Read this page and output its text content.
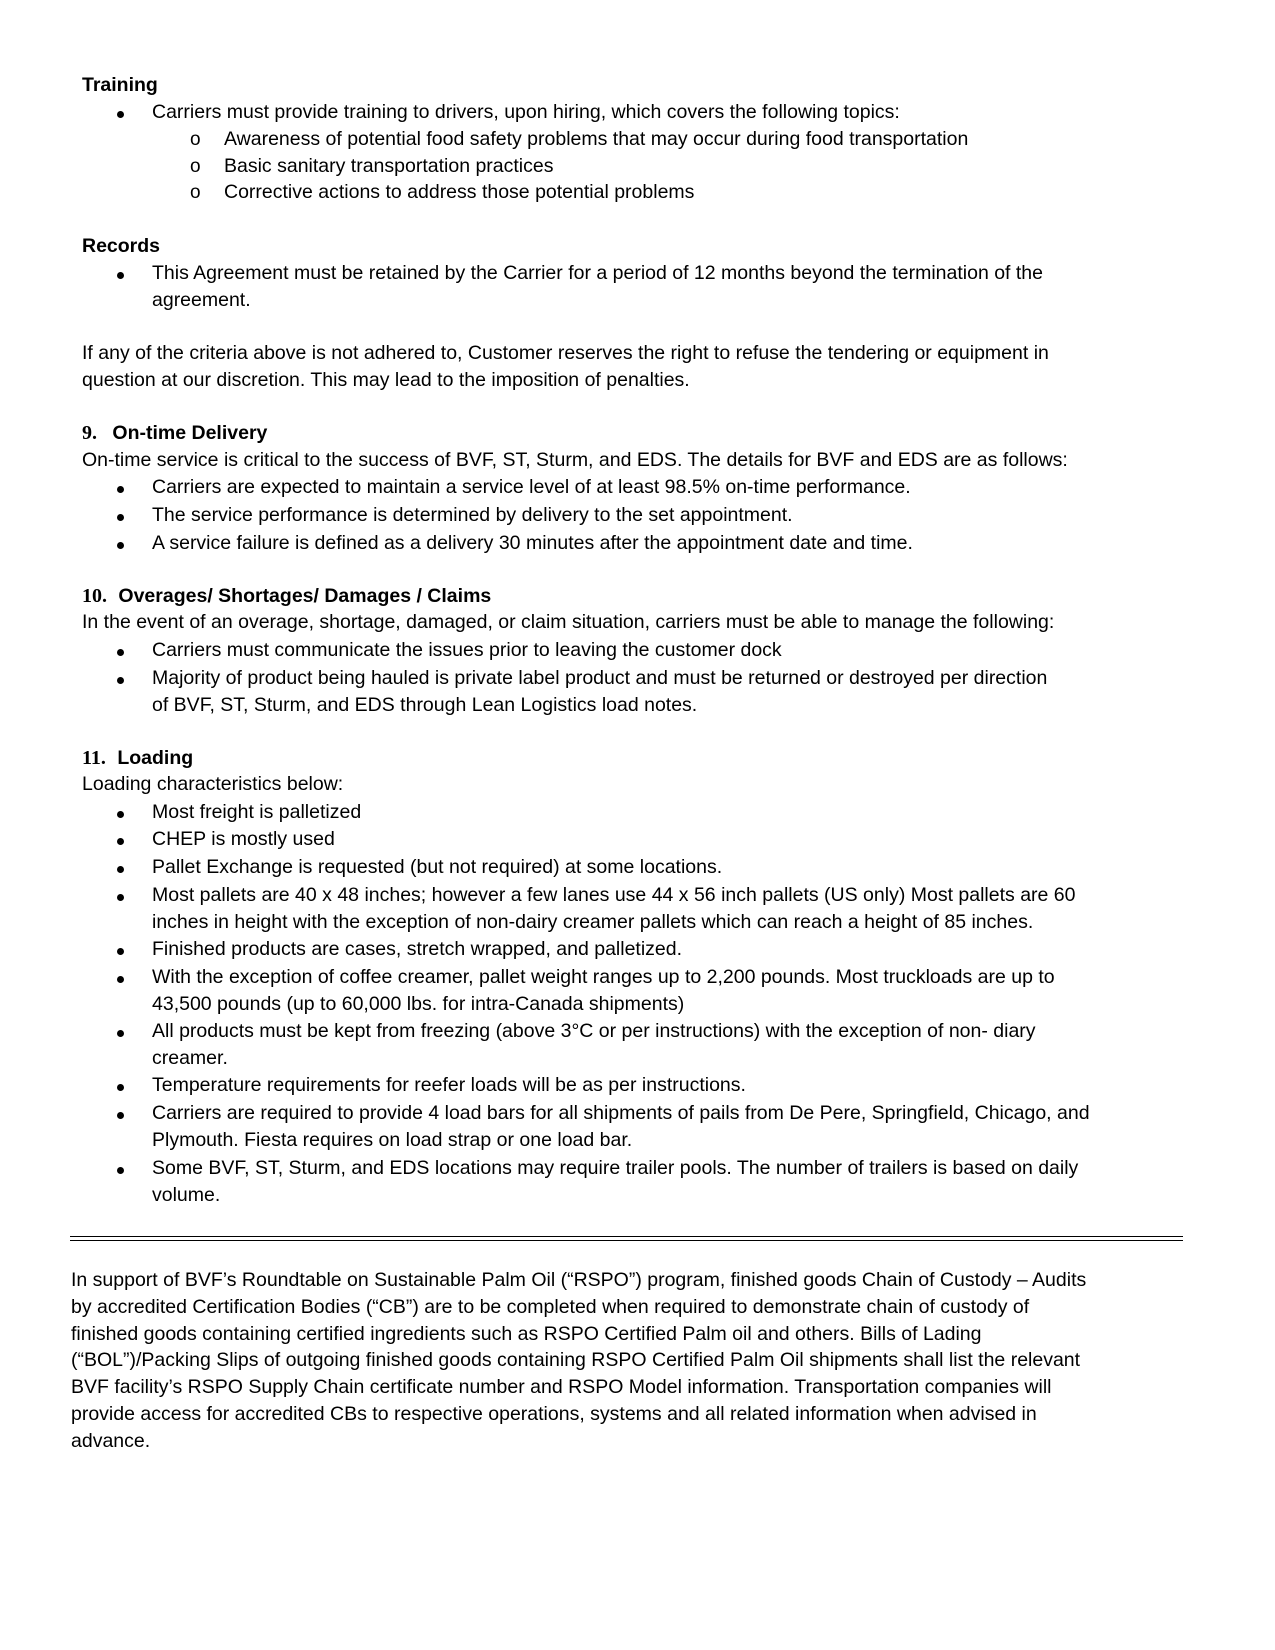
Training
Carriers must provide training to drivers, upon hiring, which covers the following topics:
o Awareness of potential food safety problems that may occur during food transportation
o Basic sanitary transportation practices
o Corrective actions to address those potential problems
Records
This Agreement must be retained by the Carrier for a period of 12 months beyond the termination of the
agreement.
If any of the criteria above is not adhered to, Customer reserves the right to refuse the tendering or equipment in
question at our discretion. This may lead to the imposition of penalties.
9. On-time Delivery
On-time service is critical to the success of BVF, ST, Sturm, and EDS. The details for BVF and EDS are as follows:
Carriers are expected to maintain a service level of at least 98.5% on-time performance.
The service performance is determined by delivery to the set appointment.
A service failure is defined as a delivery 30 minutes after the appointment date and time.
10. Overages/ Shortages/ Damages / Claims
In the event of an overage, shortage, damaged, or claim situation, carriers must be able to manage the following:
Carriers must communicate the issues prior to leaving the customer dock
Majority of product being hauled is private label product and must be returned or destroyed per direction
of BVF, ST, Sturm, and EDS through Lean Logistics load notes.
11. Loading
Loading characteristics below:
Most freight is palletized
CHEP is mostly used
Pallet Exchange is requested (but not required) at some locations.
Most pallets are 40 x 48 inches; however a few lanes use 44 x 56 inch pallets (US only) Most pallets are 60
inches in height with the exception of non-dairy creamer pallets which can reach a height of 85 inches.
Finished products are cases, stretch wrapped, and palletized.
With the exception of coffee creamer, pallet weight ranges up to 2,200 pounds. Most truckloads are up to
43,500 pounds (up to 60,000 lbs. for intra-Canada shipments)
All products must be kept from freezing (above 3°C or per instructions) with the exception of non- diary
creamer.
Temperature requirements for reefer loads will be as per instructions.
Carriers are required to provide 4 load bars for all shipments of pails from De Pere, Springfield, Chicago, and
Plymouth. Fiesta requires on load strap or one load bar.
Some BVF, ST, Sturm, and EDS locations may require trailer pools. The number of trailers is based on daily
volume.
In support of BVF’s Roundtable on Sustainable Palm Oil (“RSPO”) program, finished goods Chain of Custody – Audits
by accredited Certification Bodies (“CB”) are to be completed when required to demonstrate chain of custody of
finished goods containing certified ingredients such as RSPO Certified Palm oil and others. Bills of Lading
(“BOL”)/Packing Slips of outgoing finished goods containing RSPO Certified Palm Oil shipments shall list the relevant
BVF facility’s RSPO Supply Chain certificate number and RSPO Model information. Transportation companies will
provide access for accredited CBs to respective operations, systems and all related information when advised in
advance.
